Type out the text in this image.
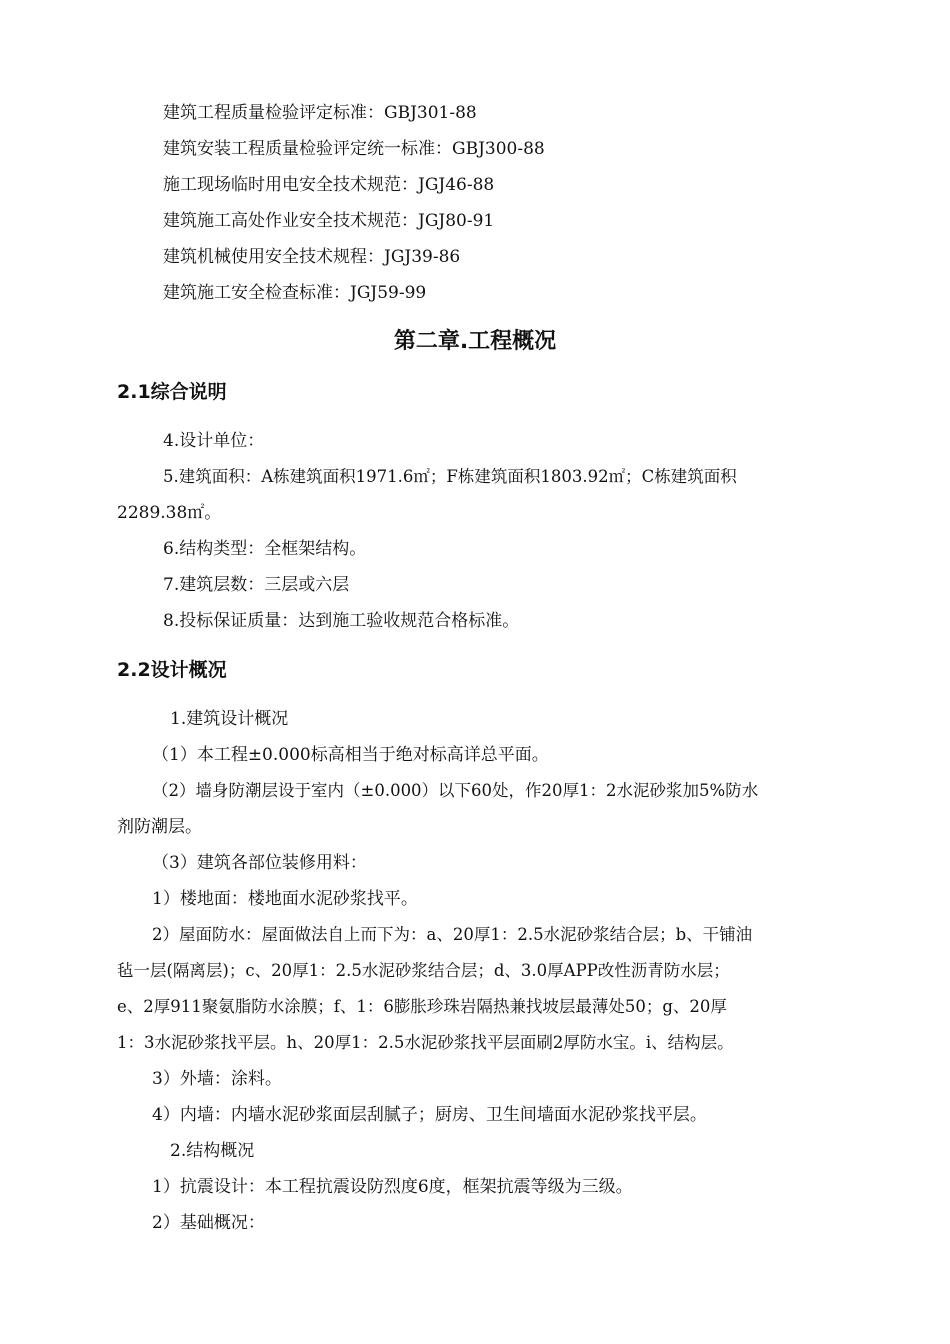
建筑工程质量检验评定标准：GBJ301-88
建筑安装工程质量检验评定统一标准：GBJ300-88
施工现场临时用电安全技术规范：JGJ46-88
建筑施工高处作业安全技术规范：JGJ80-91
建筑机械使用安全技术规程：JGJ39-86
建筑施工安全检查标准：JGJ59-99
第二章.工程概况
2.1综合说明
4.设计单位：
5.建筑面积：A栋建筑面积1971.6㎡；F栋建筑面积1803.92㎡；C栋建筑面积
2289.38㎡。
6.结构类型：全框架结构。
7.建筑层数：三层或六层
8.投标保证质量：达到施工验收规范合格标准。
2.2设计概况
1.建筑设计概况
（1）本工程±0.000标高相当于绝对标高详总平面。
（2）墙身防潮层设于室内（±0.000）以下60处，作20厚1：2水泥砂浆加5%防水
剂防潮层。
（3）建筑各部位装修用料：
1）楼地面：楼地面水泥砂浆找平。
2）屋面防水：屋面做法自上而下为：a、20厚1：2.5水泥砂浆结合层；b、干铺油
毡一层(隔离层)；c、20厚1：2.5水泥砂浆结合层；d、3.0厚APP改性沥青防水层；
e、2厚911聚氨脂防水涂膜；f、1：6膨胀珍珠岩隔热兼找坡层最薄处50；g、20厚
1：3水泥砂浆找平层。h、20厚1：2.5水泥砂浆找平层面刷2厚防水宝。i、结构层。
3）外墙：涂料。
4）内墙：内墙水泥砂浆面层刮腻子；厨房、卫生间墙面水泥砂浆找平层。
2.结构概况
1）抗震设计：本工程抗震设防烈度6度，框架抗震等级为三级。
2）基础概况：
